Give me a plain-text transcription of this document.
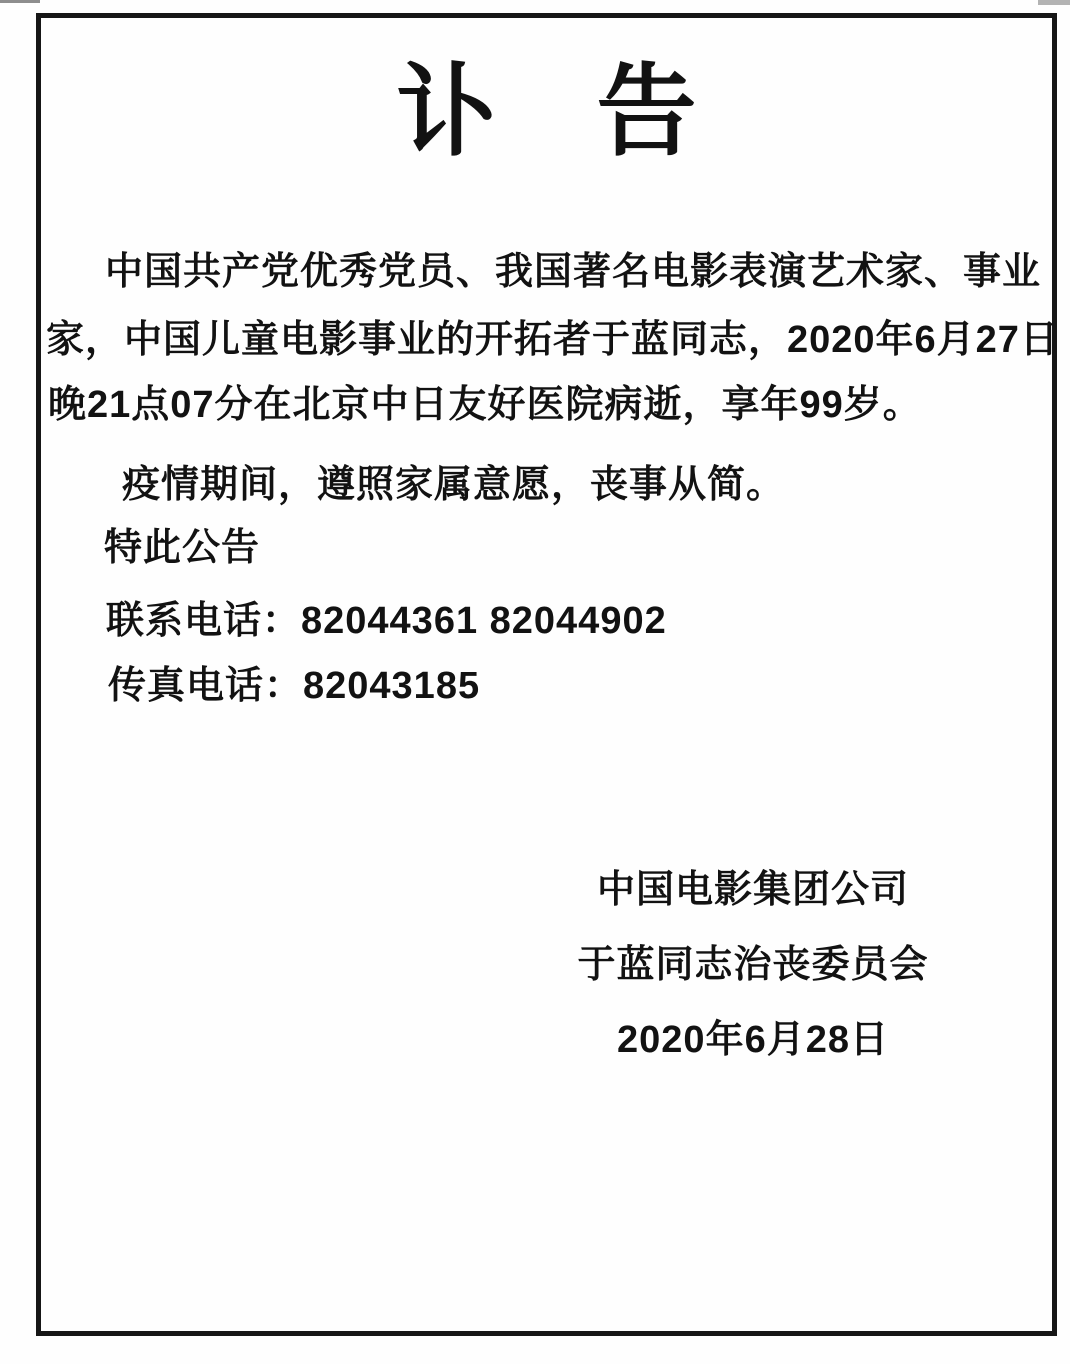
讣　告

中国共产党优秀党员、我国著名电影表演艺术家、事业

家，中国儿童电影事业的开拓者于蓝同志，2020年6月27日

晚21点07分在北京中日友好医院病逝，享年99岁。

疫情期间，遵照家属意愿，丧事从简。

特此公告

联系电话：82044361 82044902

传真电话：82043185

中国电影集团公司

于蓝同志治丧委员会

2020年6月28日
